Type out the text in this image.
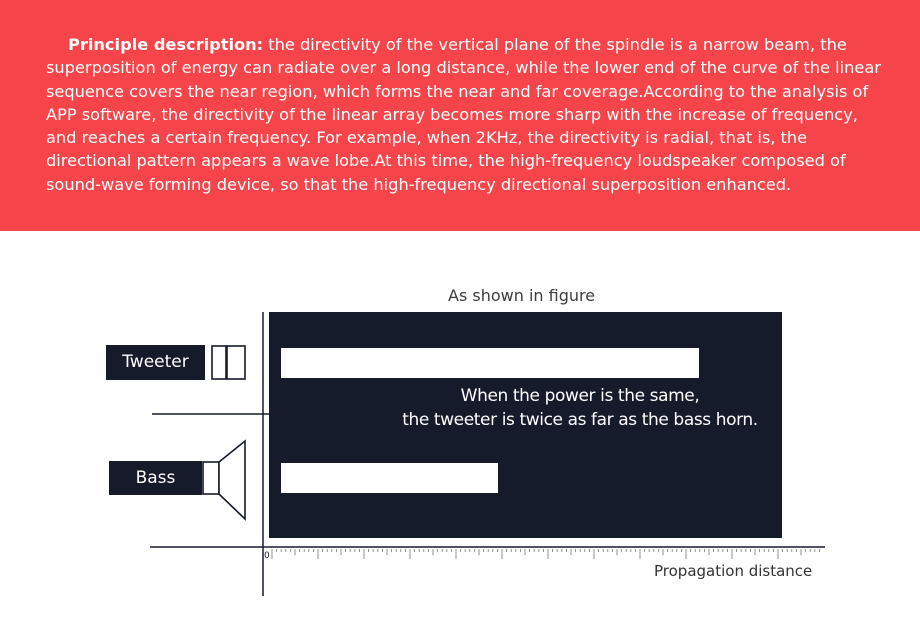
Principle description: the directivity of the vertical plane of the spindle is a narrow beam, the superposition of energy can radiate over a long distance, while the lower end of the curve of the linear sequence covers the near region, which forms the near and far coverage.According to the analysis of APP software, the directivity of the linear array becomes more sharp with the increase of frequency, and reaches a certain frequency. For example, when 2KHz, the directivity is radial, that is, the directional pattern appears a wave lobe.At this time, the high-frequency loudspeaker composed of sound-wave forming device, so that the high-frequency directional superposition enhanced.

As shown in figure
When the power is the same,
the tweeter is twice as far as the bass horn.
Tweeter
Bass
0
Propagation distance
